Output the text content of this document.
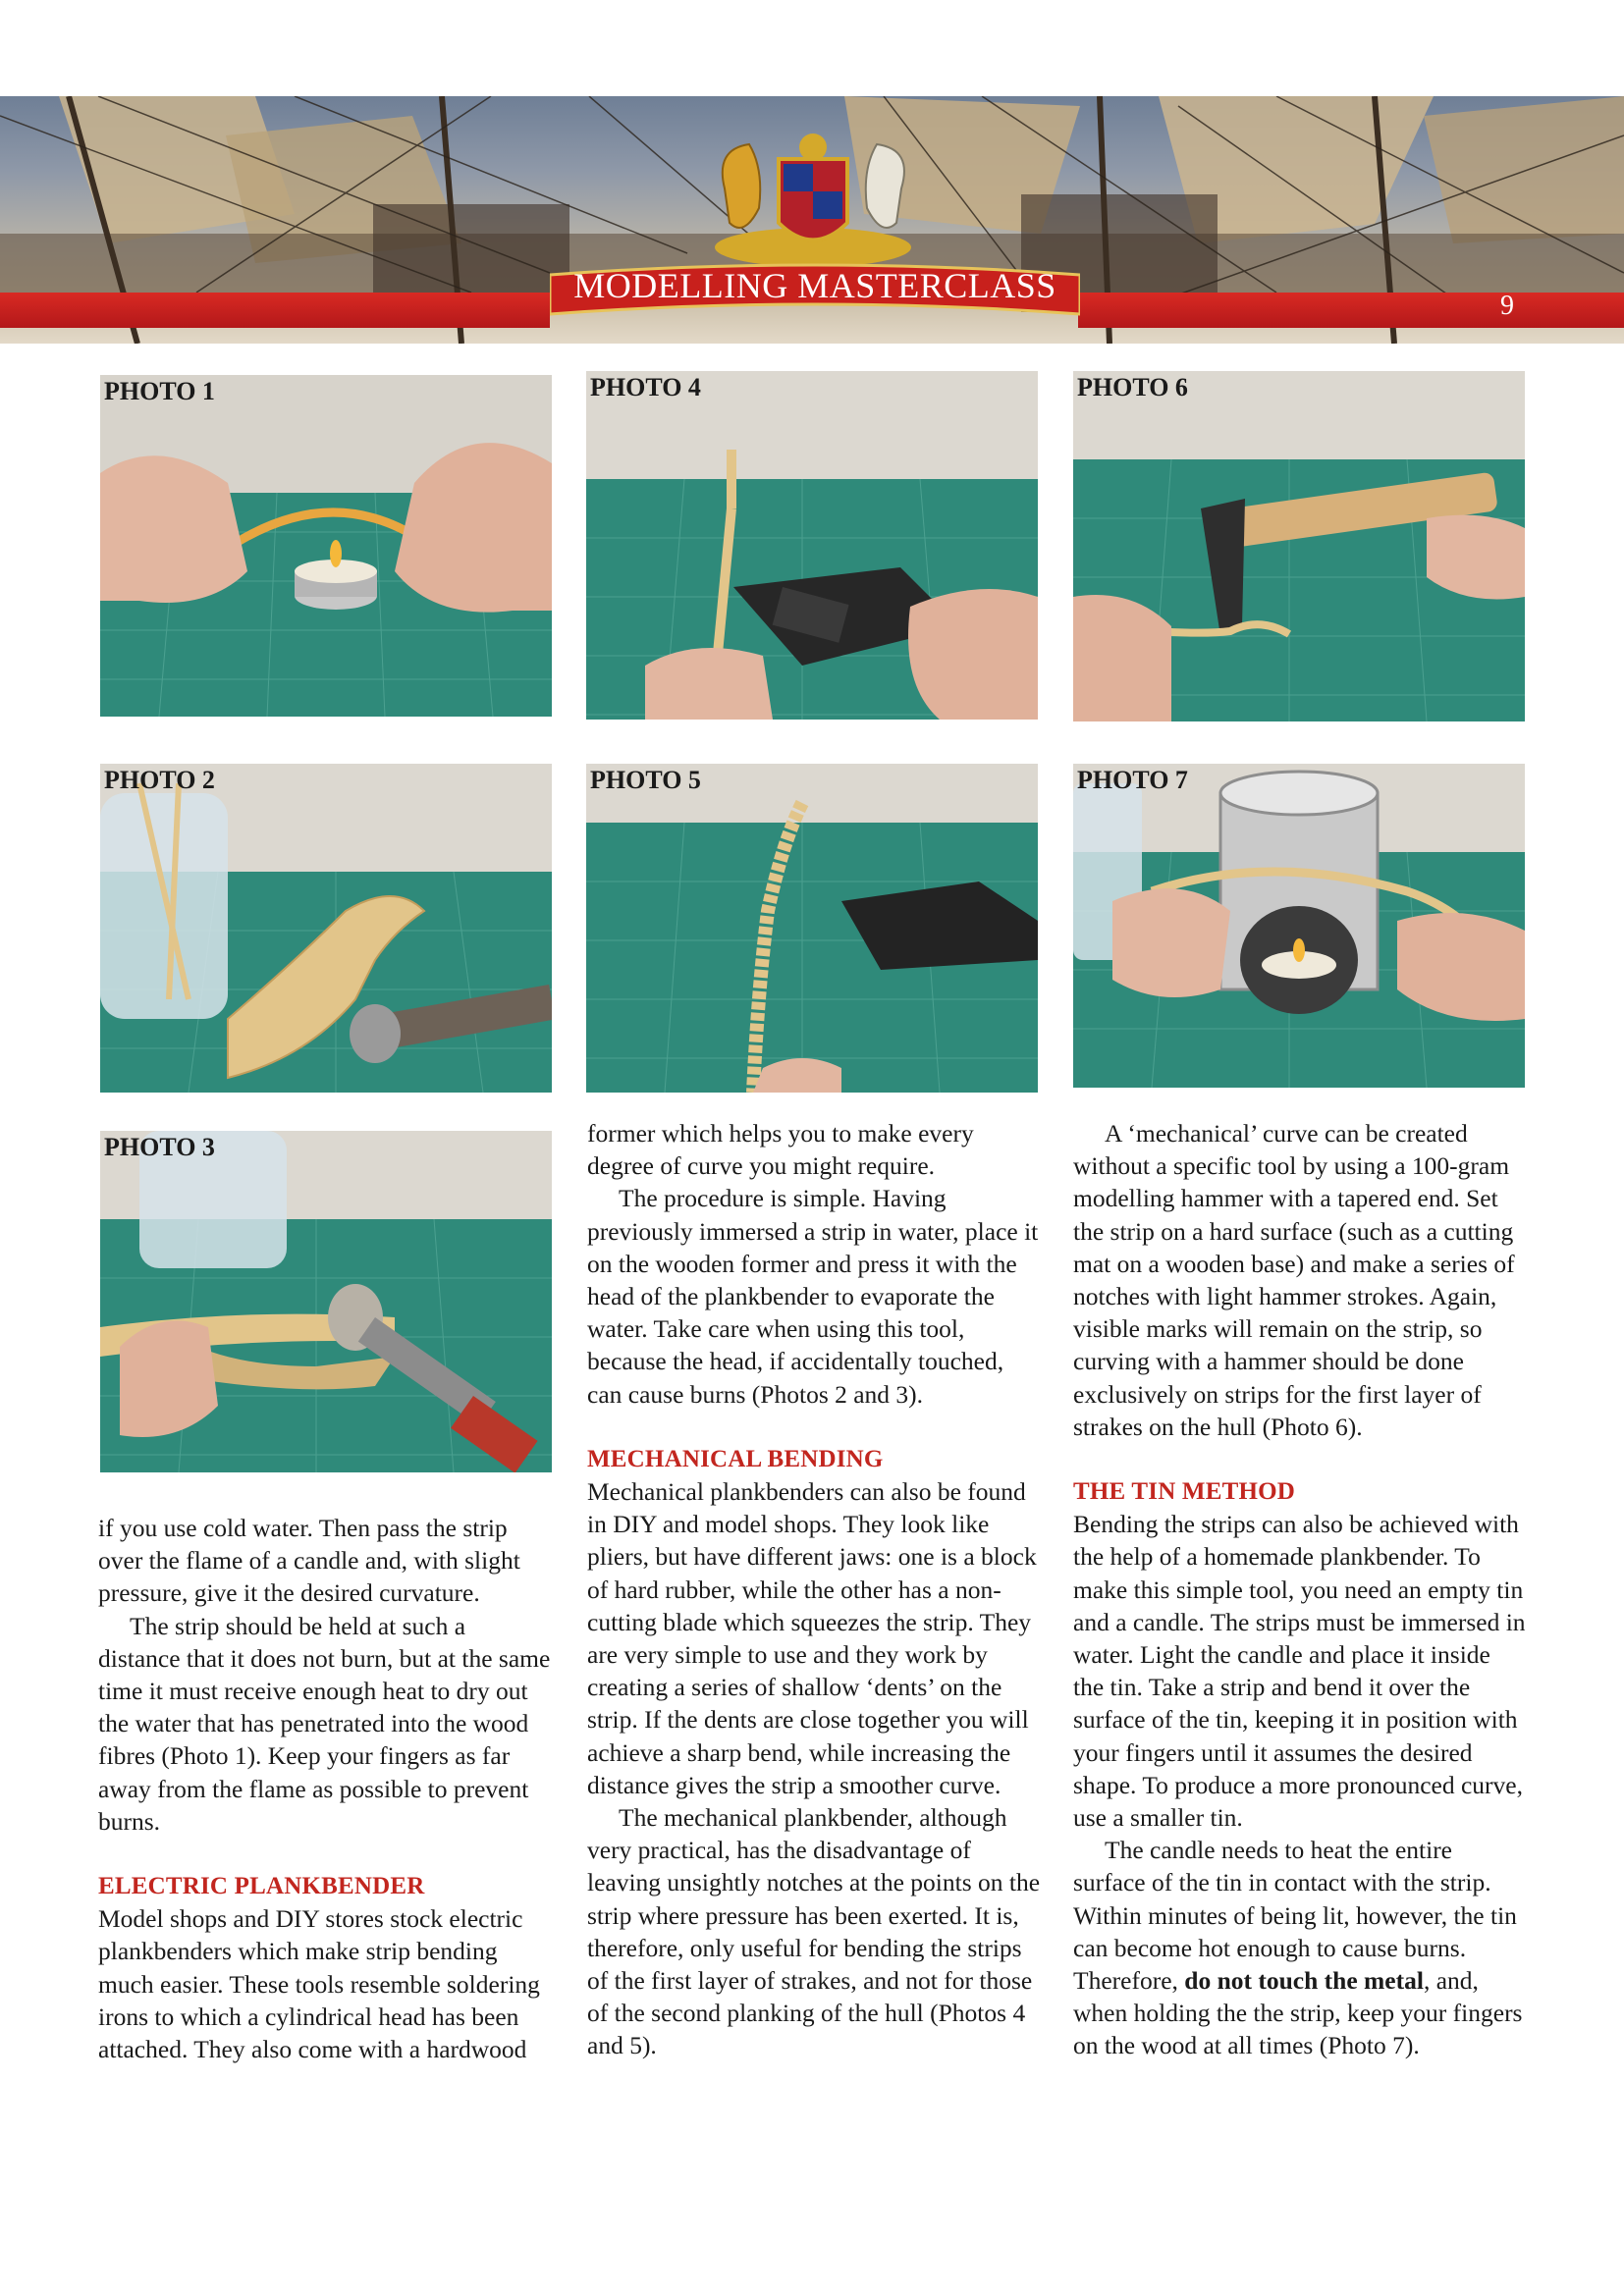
MODELLING MASTERCLASS
9
PHOTO 1
PHOTO 2
PHOTO 3
PHOTO 4
PHOTO 5
PHOTO 6
PHOTO 7

if you use cold water. Then pass the strip over the flame of a candle and, with slight pressure, give it the desired curvature.

The strip should be held at such a distance that it does not burn, but at the same time it must receive enough heat to dry out the water that has penetrated into the wood fibres (Photo 1). Keep your fingers as far away from the flame as possible to prevent burns.

ELECTRIC PLANKBENDER

Model shops and DIY stores stock electric plankbenders which make strip bending much easier. These tools resemble soldering irons to which a cylindrical head has been attached. They also come with a hardwood

former which helps you to make every degree of curve you might require.

The procedure is simple. Having previously immersed a strip in water, place it on the wooden former and press it with the head of the plankbender to evaporate the water. Take care when using this tool, because the head, if accidentally touched, can cause burns (Photos 2 and 3).

MECHANICAL BENDING

Mechanical plankbenders can also be found in DIY and model shops. They look like pliers, but have different jaws: one is a block of hard rubber, while the other has a non-cutting blade which squeezes the strip. They are very simple to use and they work by creating a series of shallow ‘dents’ on the strip. If the dents are close together you will achieve a sharp bend, while increasing the distance gives the strip a smoother curve.

The mechanical plankbender, although very practical, has the disadvantage of leaving unsightly notches at the points on the strip where pressure has been exerted. It is, therefore, only useful for bending the strips of the first layer of strakes, and not for those of the second planking of the hull (Photos 4 and 5).

A ‘mechanical’ curve can be created without a specific tool by using a 100-gram modelling hammer with a tapered end. Set the strip on a hard surface (such as a cutting mat on a wooden base) and make a series of notches with light hammer strokes. Again, visible marks will remain on the strip, so curving with a hammer should be done exclusively on strips for the first layer of strakes on the hull (Photo 6).

THE TIN METHOD

Bending the strips can also be achieved with the help of a homemade plankbender. To make this simple tool, you need an empty tin and a candle. The strips must be immersed in water. Light the candle and place it inside the tin. Take a strip and bend it over the surface of the tin, keeping it in position with your fingers until it assumes the desired shape. To produce a more pronounced curve, use a smaller tin.

The candle needs to heat the entire surface of the tin in contact with the strip. Within minutes of being lit, however, the tin can become hot enough to cause burns. Therefore, do not touch the metal, and, when holding the the strip, keep your fingers on the wood at all times (Photo 7).
